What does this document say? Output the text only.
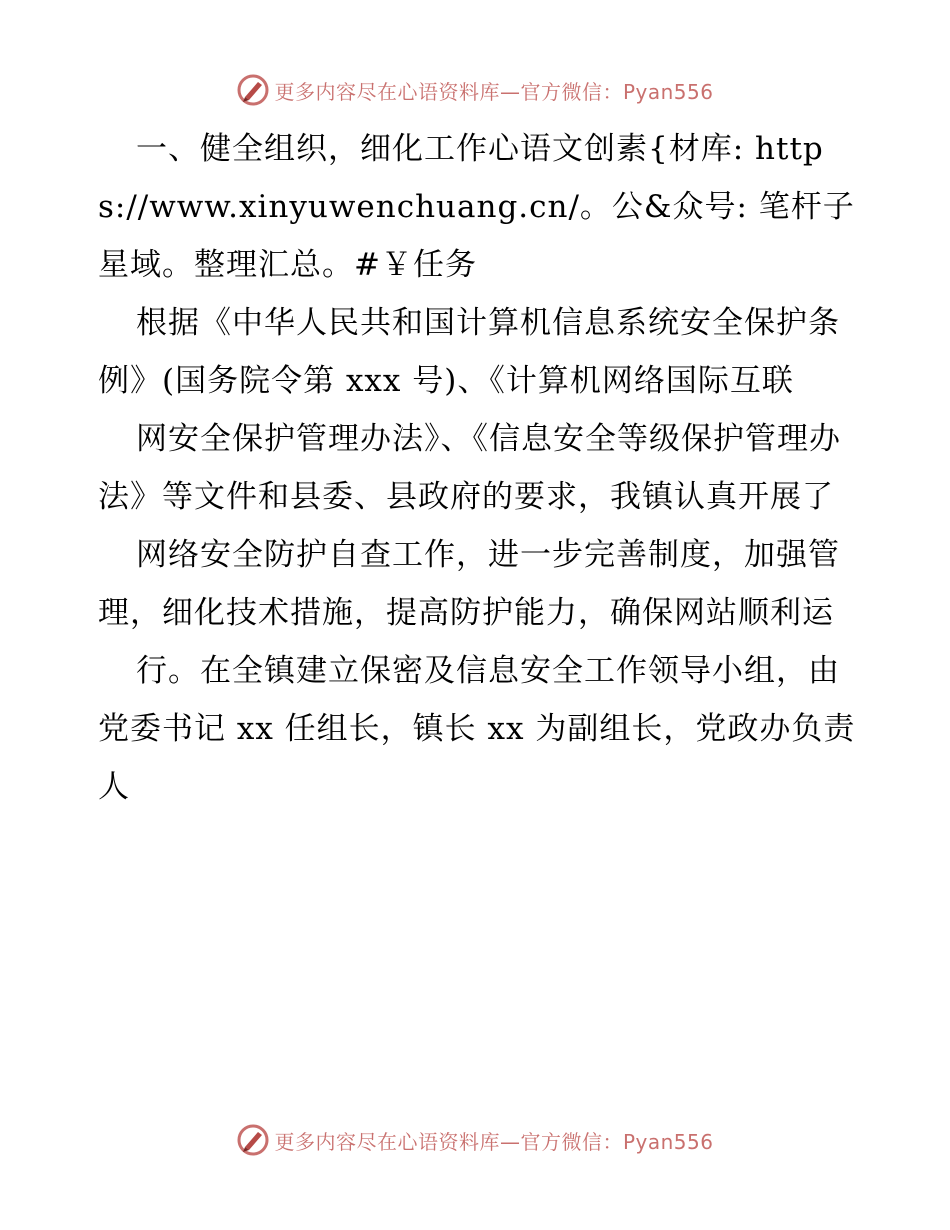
更多内容尽在心语资料库—官方微信：Pyan556

一、健全组织，细化工作心语文创素{材库: https://www.xinyuwenchuang.cn/。公&众号: 笔杆子星域。整理汇总。#￥任务

根据《中华人民共和国计算机信息系统安全保护条例》(国务院令第 xxx 号)、《计算机网络国际互联

网安全保护管理办法》、《信息安全等级保护管理办法》等文件和县委、县政府的要求，我镇认真开展了

网络安全防护自查工作，进一步完善制度，加强管理，细化技术措施，提高防护能力，确保网站顺利运

行。在全镇建立保密及信息安全工作领导小组，由党委书记 xx 任组长，镇长 xx 为副组长，党政办负责人

更多内容尽在心语资料库—官方微信：Pyan556
